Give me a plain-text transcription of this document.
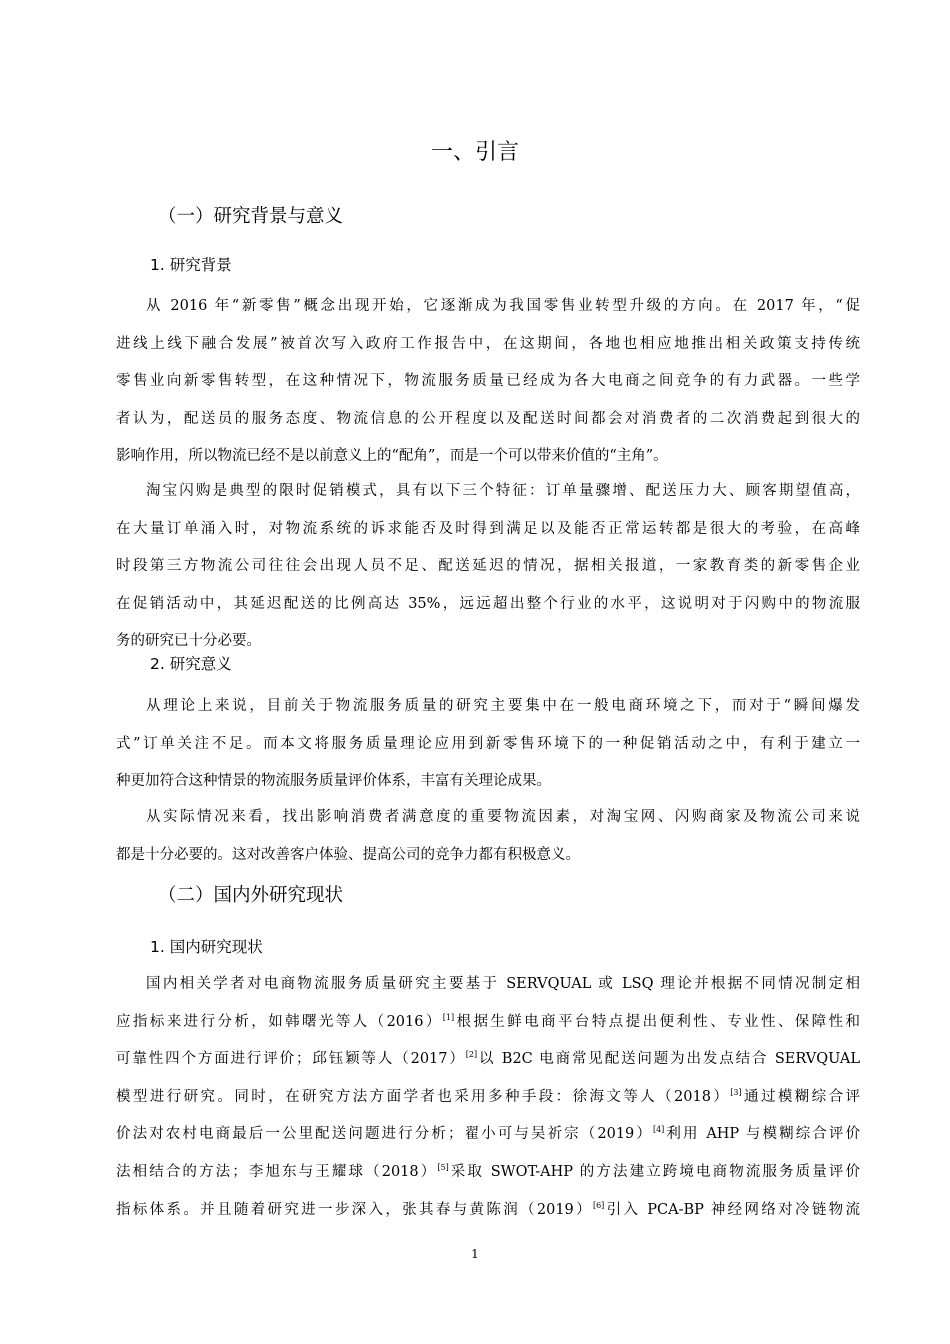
一、引言
（一）研究背景与意义
1. 研究背景
从 2016 年“新零售”概念出现开始，它逐渐成为我国零售业转型升级的方向。在 2017 年，“促
进线上线下融合发展”被首次写入政府工作报告中，在这期间，各地也相应地推出相关政策支持传统
零售业向新零售转型，在这种情况下，物流服务质量已经成为各大电商之间竞争的有力武器。一些学
者认为，配送员的服务态度、物流信息的公开程度以及配送时间都会对消费者的二次消费起到很大的
影响作用，所以物流已经不是以前意义上的“配角”，而是一个可以带来价值的“主角”。
淘宝闪购是典型的限时促销模式，具有以下三个特征：订单量骤增、配送压力大、顾客期望值高，
在大量订单涌入时，对物流系统的诉求能否及时得到满足以及能否正常运转都是很大的考验，在高峰
时段第三方物流公司往往会出现人员不足、配送延迟的情况，据相关报道，一家教育类的新零售企业
在促销活动中，其延迟配送的比例高达 35%，远远超出整个行业的水平，这说明对于闪购中的物流服
务的研究已十分必要。
2. 研究意义
从理论上来说，目前关于物流服务质量的研究主要集中在一般电商环境之下，而对于“瞬间爆发
式”订单关注不足。而本文将服务质量理论应用到新零售环境下的一种促销活动之中，有利于建立一
种更加符合这种情景的物流服务质量评价体系，丰富有关理论成果。
从实际情况来看，找出影响消费者满意度的重要物流因素，对淘宝网、闪购商家及物流公司来说
都是十分必要的。这对改善客户体验、提高公司的竞争力都有积极意义。
（二）国内外研究现状
1. 国内研究现状
国内相关学者对电商物流服务质量研究主要基于 SERVQUAL 或 LSQ 理论并根据不同情况制定相
应指标来进行分析，如韩曙光等人（2016）[1]根据生鲜电商平台特点提出便利性、专业性、保障性和
可靠性四个方面进行评价；邱钰颖等人（2017）[2]以 B2C 电商常见配送问题为出发点结合 SERVQUAL
模型进行研究。同时，在研究方法方面学者也采用多种手段：徐海文等人（2018）[3]通过模糊综合评
价法对农村电商最后一公里配送问题进行分析；翟小可与吴祈宗（2019）[4]利用 AHP 与模糊综合评价
法相结合的方法；李旭东与王耀球（2018）[5]采取 SWOT-AHP 的方法建立跨境电商物流服务质量评价
指标体系。并且随着研究进一步深入，张其春与黄陈润（2019）[6]引入 PCA-BP 神经网络对冷链物流
1
